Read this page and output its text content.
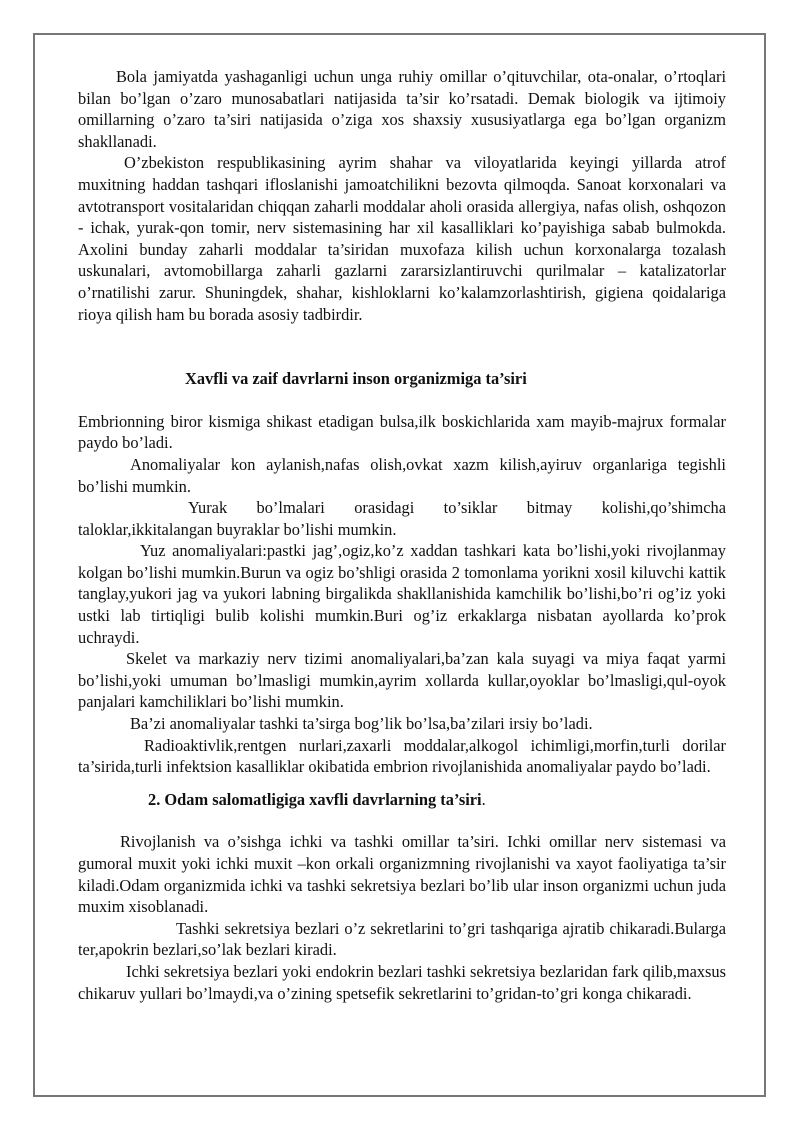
Bola jamiyatda yashaganligi uchun unga ruhiy omillar o’qituvchilar, ota-onalar, o’rtoqlari bilan bo’lgan o’zaro munosabatlari natijasida ta’sir ko’rsatadi. Demak biologik va ijtimoiy omillarning o’zaro ta’siri natijasida o’ziga xos shaxsiy xususiyatlarga ega bo’lgan organizm shakllanadi.

O’zbekiston respublikasining ayrim shahar va viloyatlarida keyingi yillarda atrof muxitning haddan tashqari ifloslanishi jamoatchilikni bezovta qilmoqda. Sanoat korxonalari va avtotransport vositalaridan chiqqan zaharli moddalar aholi orasida allergiya, nafas olish, oshqozon - ichak, yurak-qon tomir, nerv sistemasining har xil kasalliklari ko’payishiga sabab bulmokda. Axolini bunday zaharli moddalar ta’siridan muxofaza kilish uchun korxonalarga tozalash uskunalari, avtomobillarga zaharli gazlarni zararsizlantiruvchi qurilmalar – katalizatorlar o’rnatilishi zarur. Shuningdek, shahar, kishloklarni ko’kalamzorlashtirish, gigiena qoidalariga rioya qilish ham bu borada asosiy tadbirdir.

Xavfli va zaif davrlarni inson organizmiga ta’siri

Embrionning biror kismiga shikast etadigan bulsa,ilk boskichlarida xam mayib-majrux formalar paydo bo’ladi.

Anomaliyalar kon aylanish,nafas olish,ovkat xazm kilish,ayiruv organlariga tegishli bo’lishi mumkin.

Yurak bo’lmalari orasidagi to’siklar bitmay kolishi,qo’shimcha taloklar,ikkitalangan buyraklar bo’lishi mumkin.

Yuz anomaliyalari:pastki jag’,ogiz,ko’z xaddan tashkari kata bo’lishi,yoki rivojlanmay kolgan bo’lishi mumkin.Burun va ogiz bo’shligi orasida 2 tomonlama yorikni xosil kiluvchi kattik tanglay,yukori jag va yukori labning birgalikda shakllanishida kamchilik bo’lishi,bo’ri og’iz yoki ustki lab tirtiqligi bulib kolishi mumkin.Buri og’iz erkaklarga nisbatan ayollarda ko’prok uchraydi.

Skelet va markaziy nerv tizimi anomaliyalari,ba’zan kala suyagi va miya faqat yarmi bo’lishi,yoki umuman bo’lmasligi mumkin,ayrim xollarda kullar,oyoklar bo’lmasligi,qul-oyok panjalari kamchiliklari bo’lishi mumkin.

Ba’zi anomaliyalar tashki ta’sirga bog’lik bo’lsa,ba’zilari irsiy bo’ladi.

Radioaktivlik,rentgen nurlari,zaxarli moddalar,alkogol ichimligi,morfin,turli dorilar ta’sirida,turli infektsion kasalliklar okibatida embrion rivojlanishida anomaliyalar paydo bo’ladi.

2. Odam salomatligiga xavfli davrlarning ta’siri.

Rivojlanish va o’sishga ichki va tashki omillar ta’siri. Ichki omillar nerv sistemasi va gumoral muxit yoki ichki muxit –kon orkali organizmning rivojlanishi va xayot faoliyatiga ta’sir kiladi.Odam organizmida ichki va tashki sekretsiya bezlari bo’lib ular inson organizmi uchun juda muxim xisoblanadi.

Tashki sekretsiya bezlari o’z sekretlarini to’gri tashqariga ajratib chikaradi.Bularga ter,apokrin bezlari,so’lak bezlari kiradi.

Ichki sekretsiya bezlari yoki endokrin bezlari tashki sekretsiya bezlaridan fark qilib,maxsus chikaruv yullari bo’lmaydi,va o’zining spetsefik sekretlarini to’gridan-to’gri konga chikaradi.
